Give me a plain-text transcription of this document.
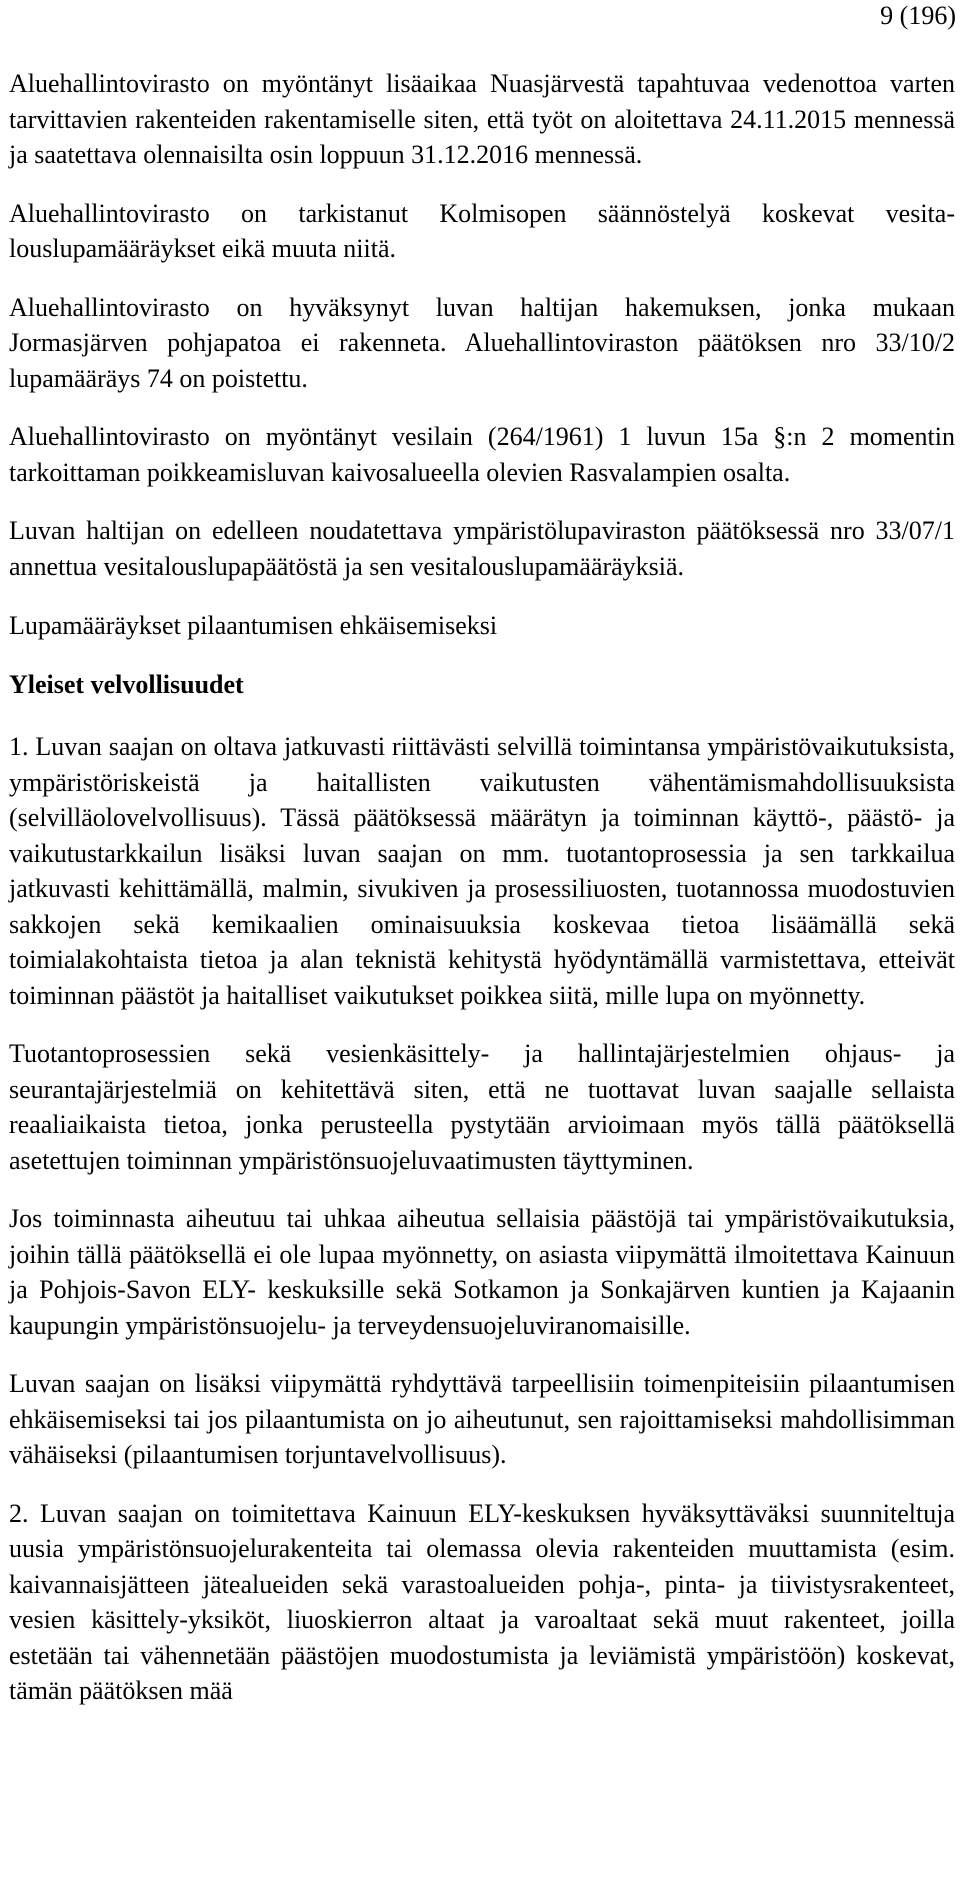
9 (196)

Aluehallintovirasto on myöntänyt lisäaikaa Nuasjärvestä tapahtuvaa vedenottoa varten tarvittavien rakenteiden rakentamiselle siten, että työt on aloitettava 24.11.2015 mennessä ja saatettava olennaisilta osin loppuun 31.12.2016 mennessä.

Aluehallintovirasto on tarkistanut Kolmisopen säännöstelyä koskevat vesitalouslupamääräykset eikä muuta niitä.

Aluehallintovirasto on hyväksynyt luvan haltijan hakemuksen, jonka mukaan Jormasjärven pohjapatoa ei rakenneta. Aluehallintoviraston päätöksen nro 33/10/2 lupamääräys 74 on poistettu.

Aluehallintovirasto on myöntänyt vesilain (264/1961) 1 luvun 15a §:n 2 momentin tarkoittaman poikkeamisluvan kaivosalueella olevien Rasvalampien osalta.

Luvan haltijan on edelleen noudatettava ympäristölupaviraston päätöksessä nro 33/07/1 annettua vesitalouslupapäätöstä ja sen vesitalouslupamääräyksiä.

Lupamääräykset pilaantumisen ehkäisemiseksi

Yleiset velvollisuudet

1. Luvan saajan on oltava jatkuvasti riittävästi selvillä toimintansa ympäristövaikutuksista, ympäristöriskeistä ja haitallisten vaikutusten vähentämismahdollisuuksista (selvilläolovelvollisuus). Tässä päätöksessä määrätyn ja toiminnan käyttö-, päästö- ja vaikutustarkkailun lisäksi luvan saajan on mm. tuotantoprosessia ja sen tarkkailua jatkuvasti kehittämällä, malmin, sivukiven ja prosessiliuosten, tuotannossa muodostuvien sakkojen sekä kemikaalien ominaisuuksia koskevaa tietoa lisäämällä sekä toimialakohtaista tietoa ja alan teknistä kehitystä hyödyntämällä varmistettava, etteivät toiminnan päästöt ja haitalliset vaikutukset poikkea siitä, mille lupa on myönnetty.

Tuotantoprosessien sekä vesienkäsittely- ja hallintajärjestelmien ohjaus- ja seurantajärjestelmiä on kehitettävä siten, että ne tuottavat luvan saajalle sellaista reaaliaikaista tietoa, jonka perusteella pystytään arvioimaan myös tällä päätöksellä asetettujen toiminnan ympäristönsuojeluvaatimusten täyttyminen.

Jos toiminnasta aiheutuu tai uhkaa aiheutua sellaisia päästöjä tai ympäristövaikutuksia, joihin tällä päätöksellä ei ole lupaa myönnetty, on asiasta viipymättä ilmoitettava Kainuun ja Pohjois-Savon ELY- keskuksille sekä Sotkamon ja Sonkajärven kuntien ja Kajaanin kaupungin ympäristönsuojelu- ja terveydensuojeluviranomaisille.

Luvan saajan on lisäksi viipymättä ryhdyttävä tarpeellisiin toimenpiteisiin pilaantumisen ehkäisemiseksi tai jos pilaantumista on jo aiheutunut, sen rajoittamiseksi mahdollisimman vähäiseksi (pilaantumisen torjuntavelvollisuus).

2. Luvan saajan on toimitettava Kainuun ELY-keskuksen hyväksyttäväksi suunniteltuja uusia ympäristönsuojelurakenteita tai olemassa olevia rakenteiden muuttamista (esim. kaivannaisjätteen jätealueiden sekä varastoalueiden pohja-, pinta- ja tiivistysrakenteet, vesien käsittely-yksiköt, liuoskierron altaat ja varoaltaat sekä muut rakenteet, joilla estetään tai vähennetään päästöjen muodostumista ja leviämistä ympäristöön) koskevat, tämän päätöksen mää
